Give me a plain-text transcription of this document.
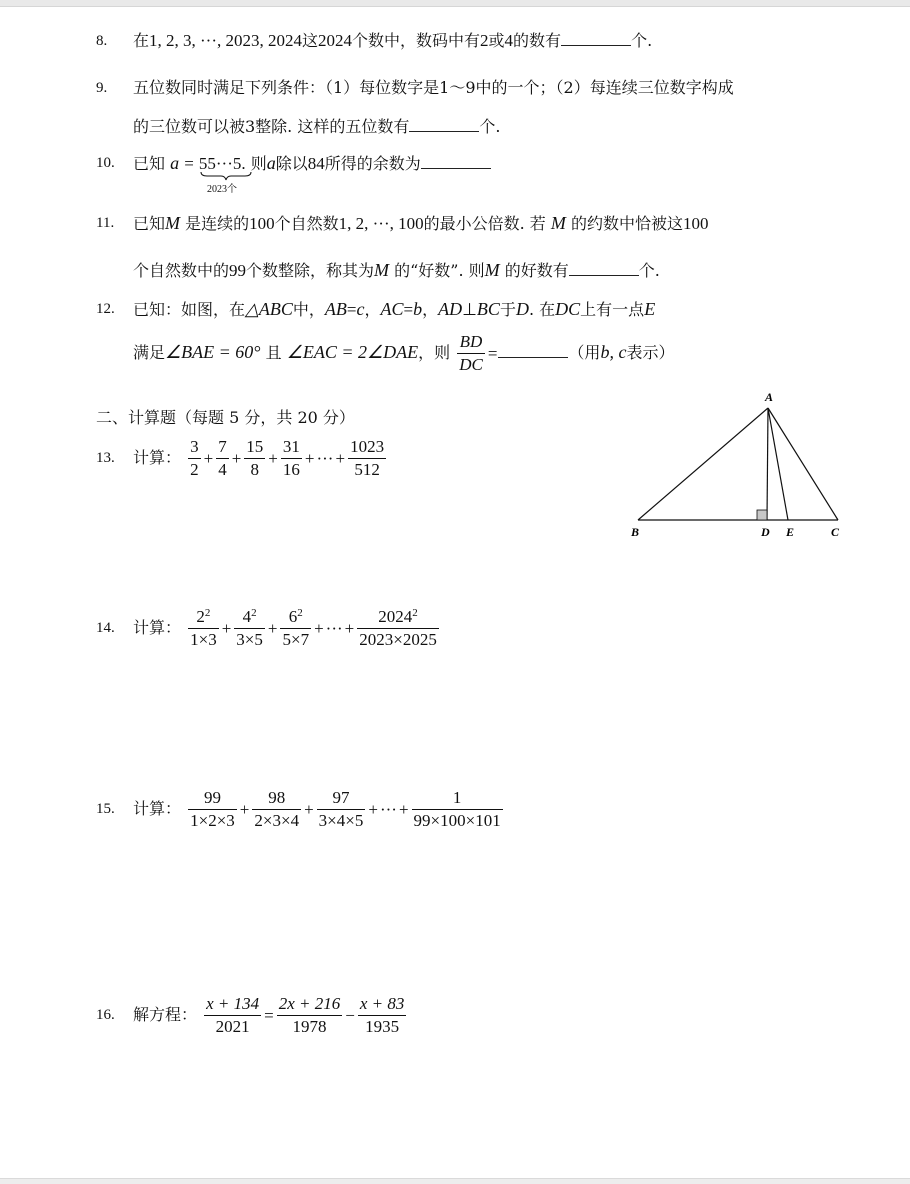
8. 在1, 2, 3, ···, 2023, 2024这2024个数中，数码中有2或4的数有	个.
9. 五位数同时满足下列条件：（1）每位数字是1～9中的一个；（2）每连续三位数字构成
的三位数可以被3整除. 这样的五位数有	个.
10. 已知 a = 55···5. 则a除以84所得的余数为
2023个
11. 已知M 是连续的100个自然数1, 2, ···, 100的最小公倍数. 若 M 的约数中恰被这100
个自然数中的99个数整除，称其为M 的“好数”. 则M 的好数有	个.
12. 已知：如图，在△ABC中，AB=c，AC=b，AD⊥BC于D. 在DC上有一点E
满足∠BAE = 60° 且 ∠EAC = 2∠DAE，则 $\frac{BD}{DC}$ =	（用b, c表示）
二、计算题（每题 5 分，共 20 分）
13. 计算： $\frac{3}{2} + \frac{7}{4} + \frac{15}{8} + \frac{31}{16}$ + ··· + $\frac{1023}{512}$
A
B	D E	C
14. 计算： $\frac{2^2}{1\times 3} + \frac{4^2}{3\times 5} + \frac{6^2}{5\times 7}$ + ··· + $\frac{2024^2}{2023\times 2025}$
15. 计算： $\frac{99}{1\times 2\times 3} + \frac{98}{2\times 3\times 4} + \frac{97}{3\times 4\times 5}$ + ··· + $\frac{1}{99\times 100\times 101}$
16. 解方程： $\frac{x + 134}{2021} = \frac{2x + 216}{1978} - \frac{x + 83}{1935}$
